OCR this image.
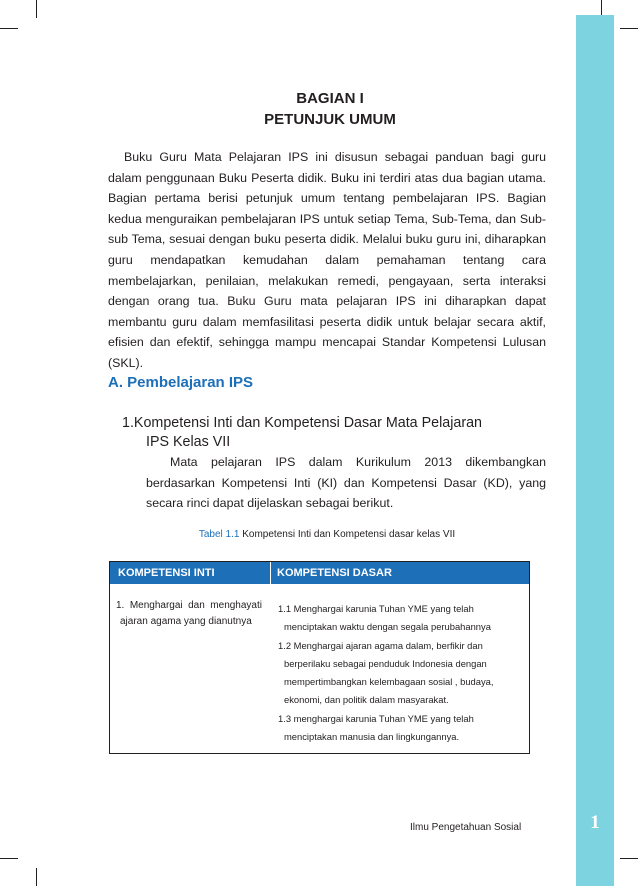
1
BAGIAN I
PETUNJUK UMUM

Buku Guru Mata Pelajaran IPS ini disusun sebagai panduan bagi guru dalam penggunaan Buku Peserta didik. Buku ini terdiri atas dua bagian utama. Bagian pertama berisi petunjuk umum tentang pembelajaran IPS. Bagian kedua menguraikan pembelajaran IPS untuk setiap Tema, Sub-Tema, dan Sub-sub Tema, sesuai dengan buku peserta didik. Melalui buku guru ini, diharapkan guru mendapatkan kemudahan dalam pemahaman tentang cara membelajarkan, penilaian, melakukan remedi, pengayaan, serta interaksi dengan orang tua. Buku Guru mata pelajaran IPS ini diharapkan dapat membantu guru dalam memfasilitasi peserta didik untuk belajar secara aktif, efisien dan efektif, sehingga mampu mencapai Standar Kompetensi Lulusan (SKL).

A. Pembelajaran IPS

1.Kompetensi Inti dan Kompetensi Dasar Mata Pelajaran
IPS Kelas VII

Mata pelajaran IPS dalam Kurikulum 2013 dikembangkan berdasarkan Kompetensi Inti (KI) dan Kompetensi Dasar (KD), yang secara rinci dapat dijelaskan sebagai berikut.

Tabel 1.1 Kompetensi Inti dan Kompetensi dasar kelas VII
KOMPETENSI INTI	KOMPETENSI DASAR
1. Menghargai dan menghayati
ajaran agama yang dianutnya
1.1 Menghargai karunia Tuhan YME yang telah
menciptakan waktu dengan segala perubahannya
1.2 Menghargai ajaran agama dalam, berfikir dan
berperilaku sebagai penduduk Indonesia dengan
mempertimbangkan kelembagaan sosial , budaya,
ekonomi, dan politik dalam masyarakat.
1.3 menghargai karunia Tuhan YME yang telah
menciptakan manusia dan lingkungannya.
Ilmu Pengetahuan Sosial
